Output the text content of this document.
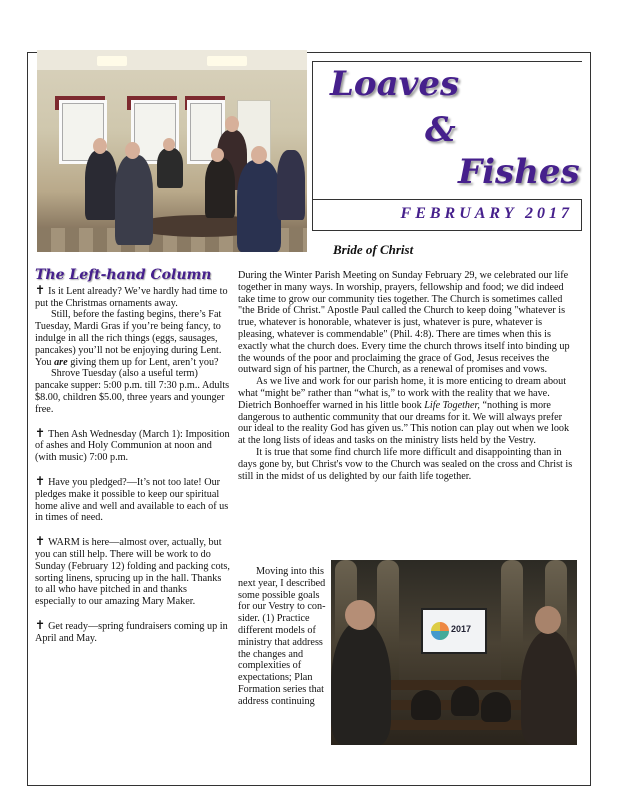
Loaves
&
Fishes
FEBRUARY 2017
Bride of Christ
The Left-hand Column

✝ Is it Lent already? We’ve hardly had time to put the Christmas ornaments away.

Still, before the fasting begins, there’s Fat Tuesday, Mardi Gras if you’re being fancy, to indulge in all the rich things (eggs, sausages, pancakes) you’ll not be enjoying during Lent. You are giving them up for Lent, aren’t you?

Shrove Tuesday (also a useful term) pancake supper: 5:00 p.m. till 7:30 p.m.. Adults $8.00, children $5.00, three years and younger free.

✝ Then Ash Wednesday (March 1): Imposition of ashes and Holy Communion at noon and (with music) 7:00 p.m.

✝ Have you pledged?—It’s not too late! Our pledges make it possible to keep our spiritual home alive and well and available to each of us in times of need.

✝ WARM is here—almost over, actually, but you can still help. There will be work to do Sunday (February 12) folding and packing cots, sorting linens, sprucing up in the hall. Thanks to all who have pitched in and thanks especially to our amazing Mary Maker.

✝ Get ready—spring fundraisers coming up in April and May.

During the Winter Parish Meeting on Sunday February 29, we celebrated our life together in many ways. In worship, prayers, fellowship and food; we did indeed take time to grow our community ties together. The Church is sometimes called "the Bride of Christ." Apostle Paul called the Church to keep doing "whatever is true, whatever is honorable, whatever is just, whatever is pure, whatever is pleasing, whatever is commendable" (Phil. 4:8). There are times when this is exactly what the church does. Every time the church throws itself into binding up the wounds of the poor and proclaiming the grace of God, Jesus receives the outward sign of his partner, the Church, as a renewal of promises and vows.

As we live and work for our parish home, it is more enticing to dream about what “might be” rather than “what is,” to work with the reality that we have. Dietrich Bonhoeffer warned in his little book Life Together, “nothing is more dangerous to authentic community that our dreams for it. We will always prefer our ideal to the reality God has given us.” This notion can play out when we look at the long lists of ideas and tasks on the ministry lists held by the Vestry.

It is true that some find church life more difficult and disappointing than in days gone by, but Christ's vow to the Church was sealed on the cross and Christ is still in the midst of us delighted by our faith life together.

Moving into this next year, I described some possible goals for our Vestry to con-sider. (1) Practice different models of ministry that address the changes and complexities of expectations; Plan Formation series that address continuing

2017
